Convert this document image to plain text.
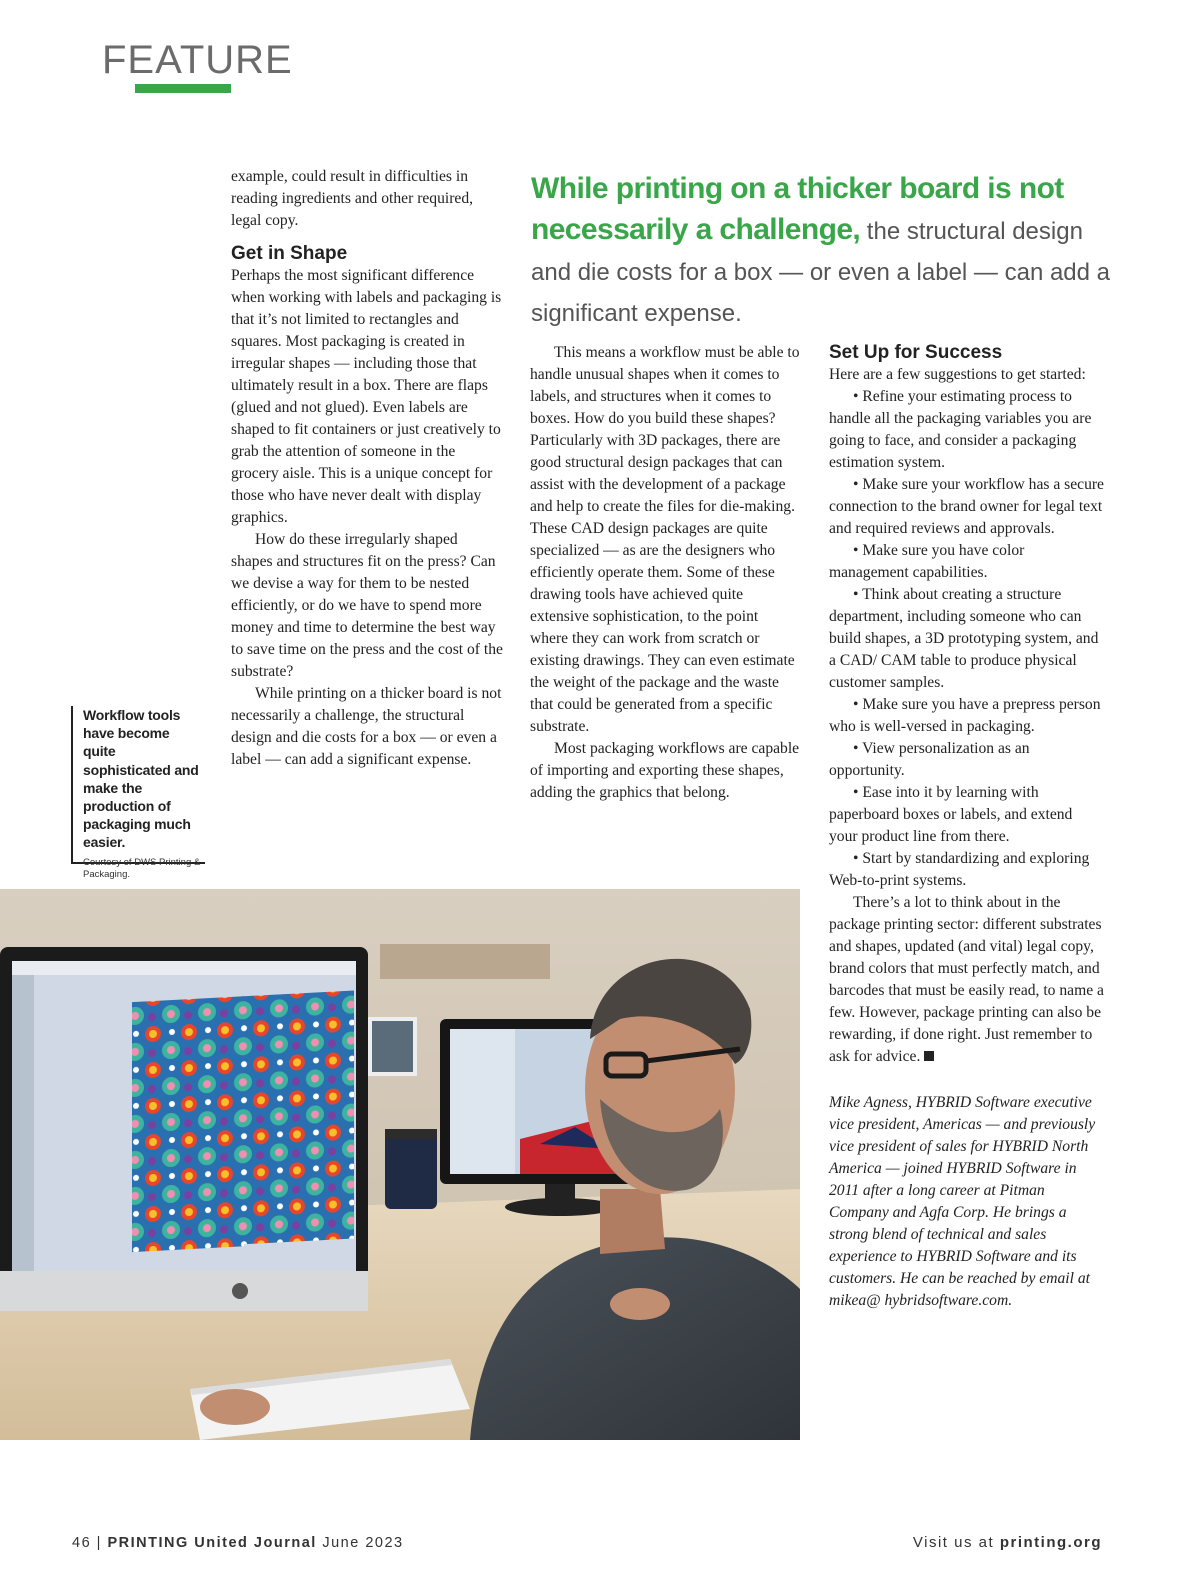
FEATURE

example, could result in difficulties in reading ingredients and other required, legal copy.

Get in Shape

Perhaps the most significant difference when working with labels and packaging is that it’s not limited to rectangles and squares. Most packaging is created in irregular shapes — including those that ultimately result in a box. There are flaps (glued and not glued). Even labels are shaped to fit containers or just creatively to grab the attention of someone in the grocery aisle. This is a unique concept for those who have never dealt with display graphics.

How do these irregularly shaped shapes and structures fit on the press? Can we devise a way for them to be nested efficiently, or do we have to spend more money and time to determine the best way to save time on the press and the cost of the substrate?

While printing on a thicker board is not necessarily a challenge, the structural design and die costs for a box — or even a label — can add a significant expense.

While printing on a thicker board is not necessarily a challenge, the structural design and die costs for a box — or even a label — can add a significant expense.

This means a workflow must be able to handle unusual shapes when it comes to labels, and structures when it comes to boxes. How do you build these shapes? Particularly with 3D packages, there are good structural design packages that can assist with the development of a package and help to create the files for die-making. These CAD design packages are quite specialized — as are the designers who efficiently operate them. Some of these drawing tools have achieved quite extensive sophistication, to the point where they can work from scratch or existing drawings. They can even estimate the weight of the package and the waste that could be generated from a specific substrate.

Most packaging workflows are capable of importing and exporting these shapes, adding the graphics that belong.

Set Up for Success

Here are a few suggestions to get started:

• Refine your estimating process to handle all the packaging variables you are going to face, and consider a packaging estimation system.

• Make sure your workflow has a secure connection to the brand owner for legal text and required reviews and approvals.

• Make sure you have color management capabilities.

• Think about creating a structure department, including someone who can build shapes, a 3D prototyping system, and a CAD/ CAM table to produce physical customer samples.

• Make sure you have a prepress person who is well-versed in packaging.

• View personalization as an opportunity.

• Ease into it by learning with paperboard boxes or labels, and extend your product line from there.

• Start by standardizing and exploring Web-to-print systems.

There’s a lot to think about in the package printing sector: different substrates and shapes, updated (and vital) legal copy, brand colors that must perfectly match, and barcodes that must be easily read, to name a few. However, package printing can also be rewarding, if done right. Just remember to ask for advice.

Mike Agness, HYBRID Software executive vice president, Americas — and previously vice president of sales for HYBRID North America — joined HYBRID Software in 2011 after a long career at Pitman Company and Agfa Corp. He brings a strong blend of technical and sales experience to HYBRID Software and its customers. He can be reached by email at mikea@ hybridsoftware.com.

Workflow tools have become quite sophisticated and make the production of packaging much easier.
Courtesy of DWS Printing & Packaging.
46 | PRINTING United Journal June 2023	Visit us at printing.org
